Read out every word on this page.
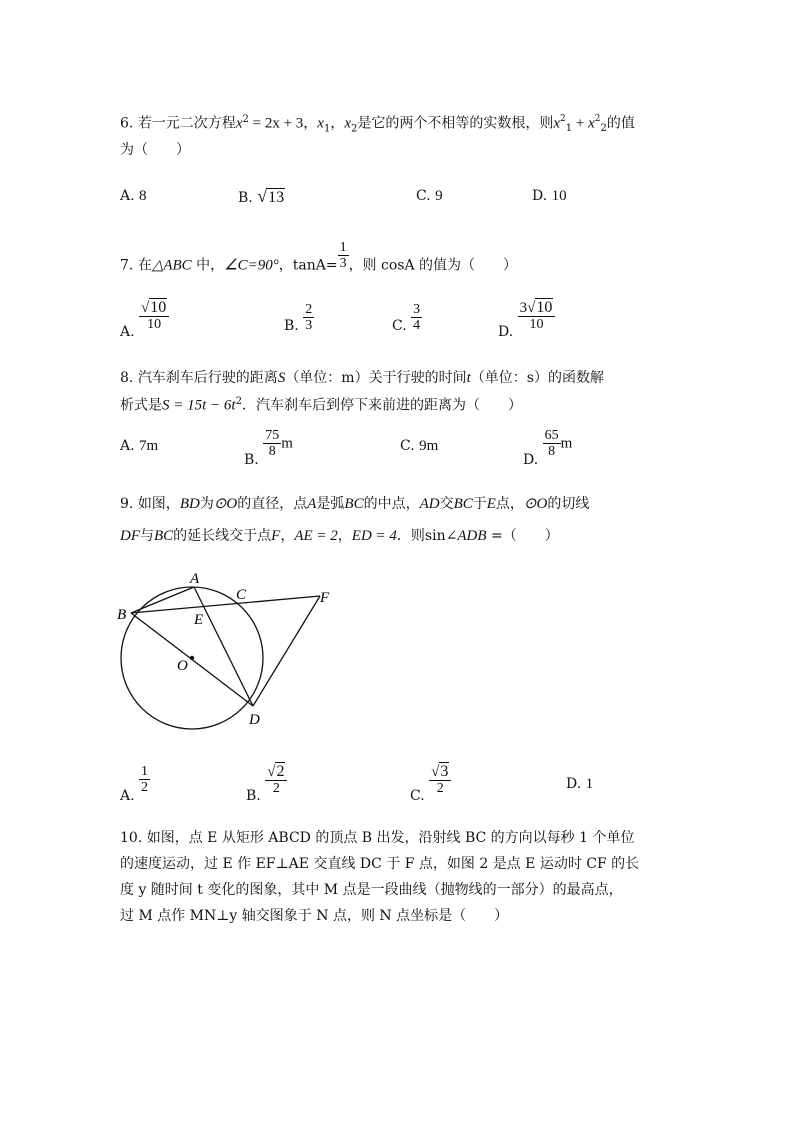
6. 若一元二次方程$x^2 = 2x + 3$，$x_1$，$x_2$是它的两个不相等的实数根，则$x_{21} + x_{22}$的值
为（　　）
A. 8	B. √13	C. 9	D. 10
7. 在△ABC 中，∠C=90°，$\tan A= \frac{1}{3}$ ，则 cosA 的值为（　　）
A. $\frac{√10}{10}$	B. $\frac{2}{3}$	C. $\frac{3}{4}$	D. $\frac{3√10}{10}$
8. 汽车刹车后行驶的距离S（单位：m）关于行驶的时间t（单位：s）的函数解
析式是$S = 15t - 6t^2$．汽车刹车后到停下来前进的距离为（　　）
A. 7m
B.
$\frac{75}{8}$ m	C. 9m
D.
$\frac{65}{8}$ m
9. 如图，BD为⊙O的直径，点A是弧BC的中点，AD交BC于E点，⊙O的切线
DF与BC的延长线交于点F，AE = 2，ED = 4．则sin∠ADB =（　　）
A
B
C
D
E
F
O
A.
$\frac{1}{2}$
B. $\frac{√2}{2}$	C. $\frac{√3}{2}$	D. 1
10. 如图，点 E 从矩形 ABCD 的顶点 B 出发，沿射线 BC 的方向以每秒 1 个单位
的速度运动，过 E 作 EF⊥AE 交直线 DC 于 F 点，如图 2 是点 E 运动时 CF 的长
度 y 随时间 t 变化的图象，其中 M 点是一段曲线（抛物线的一部分）的最高点，
过 M 点作 MN⊥y 轴交图象于 N 点，则 N 点坐标是（　　）
